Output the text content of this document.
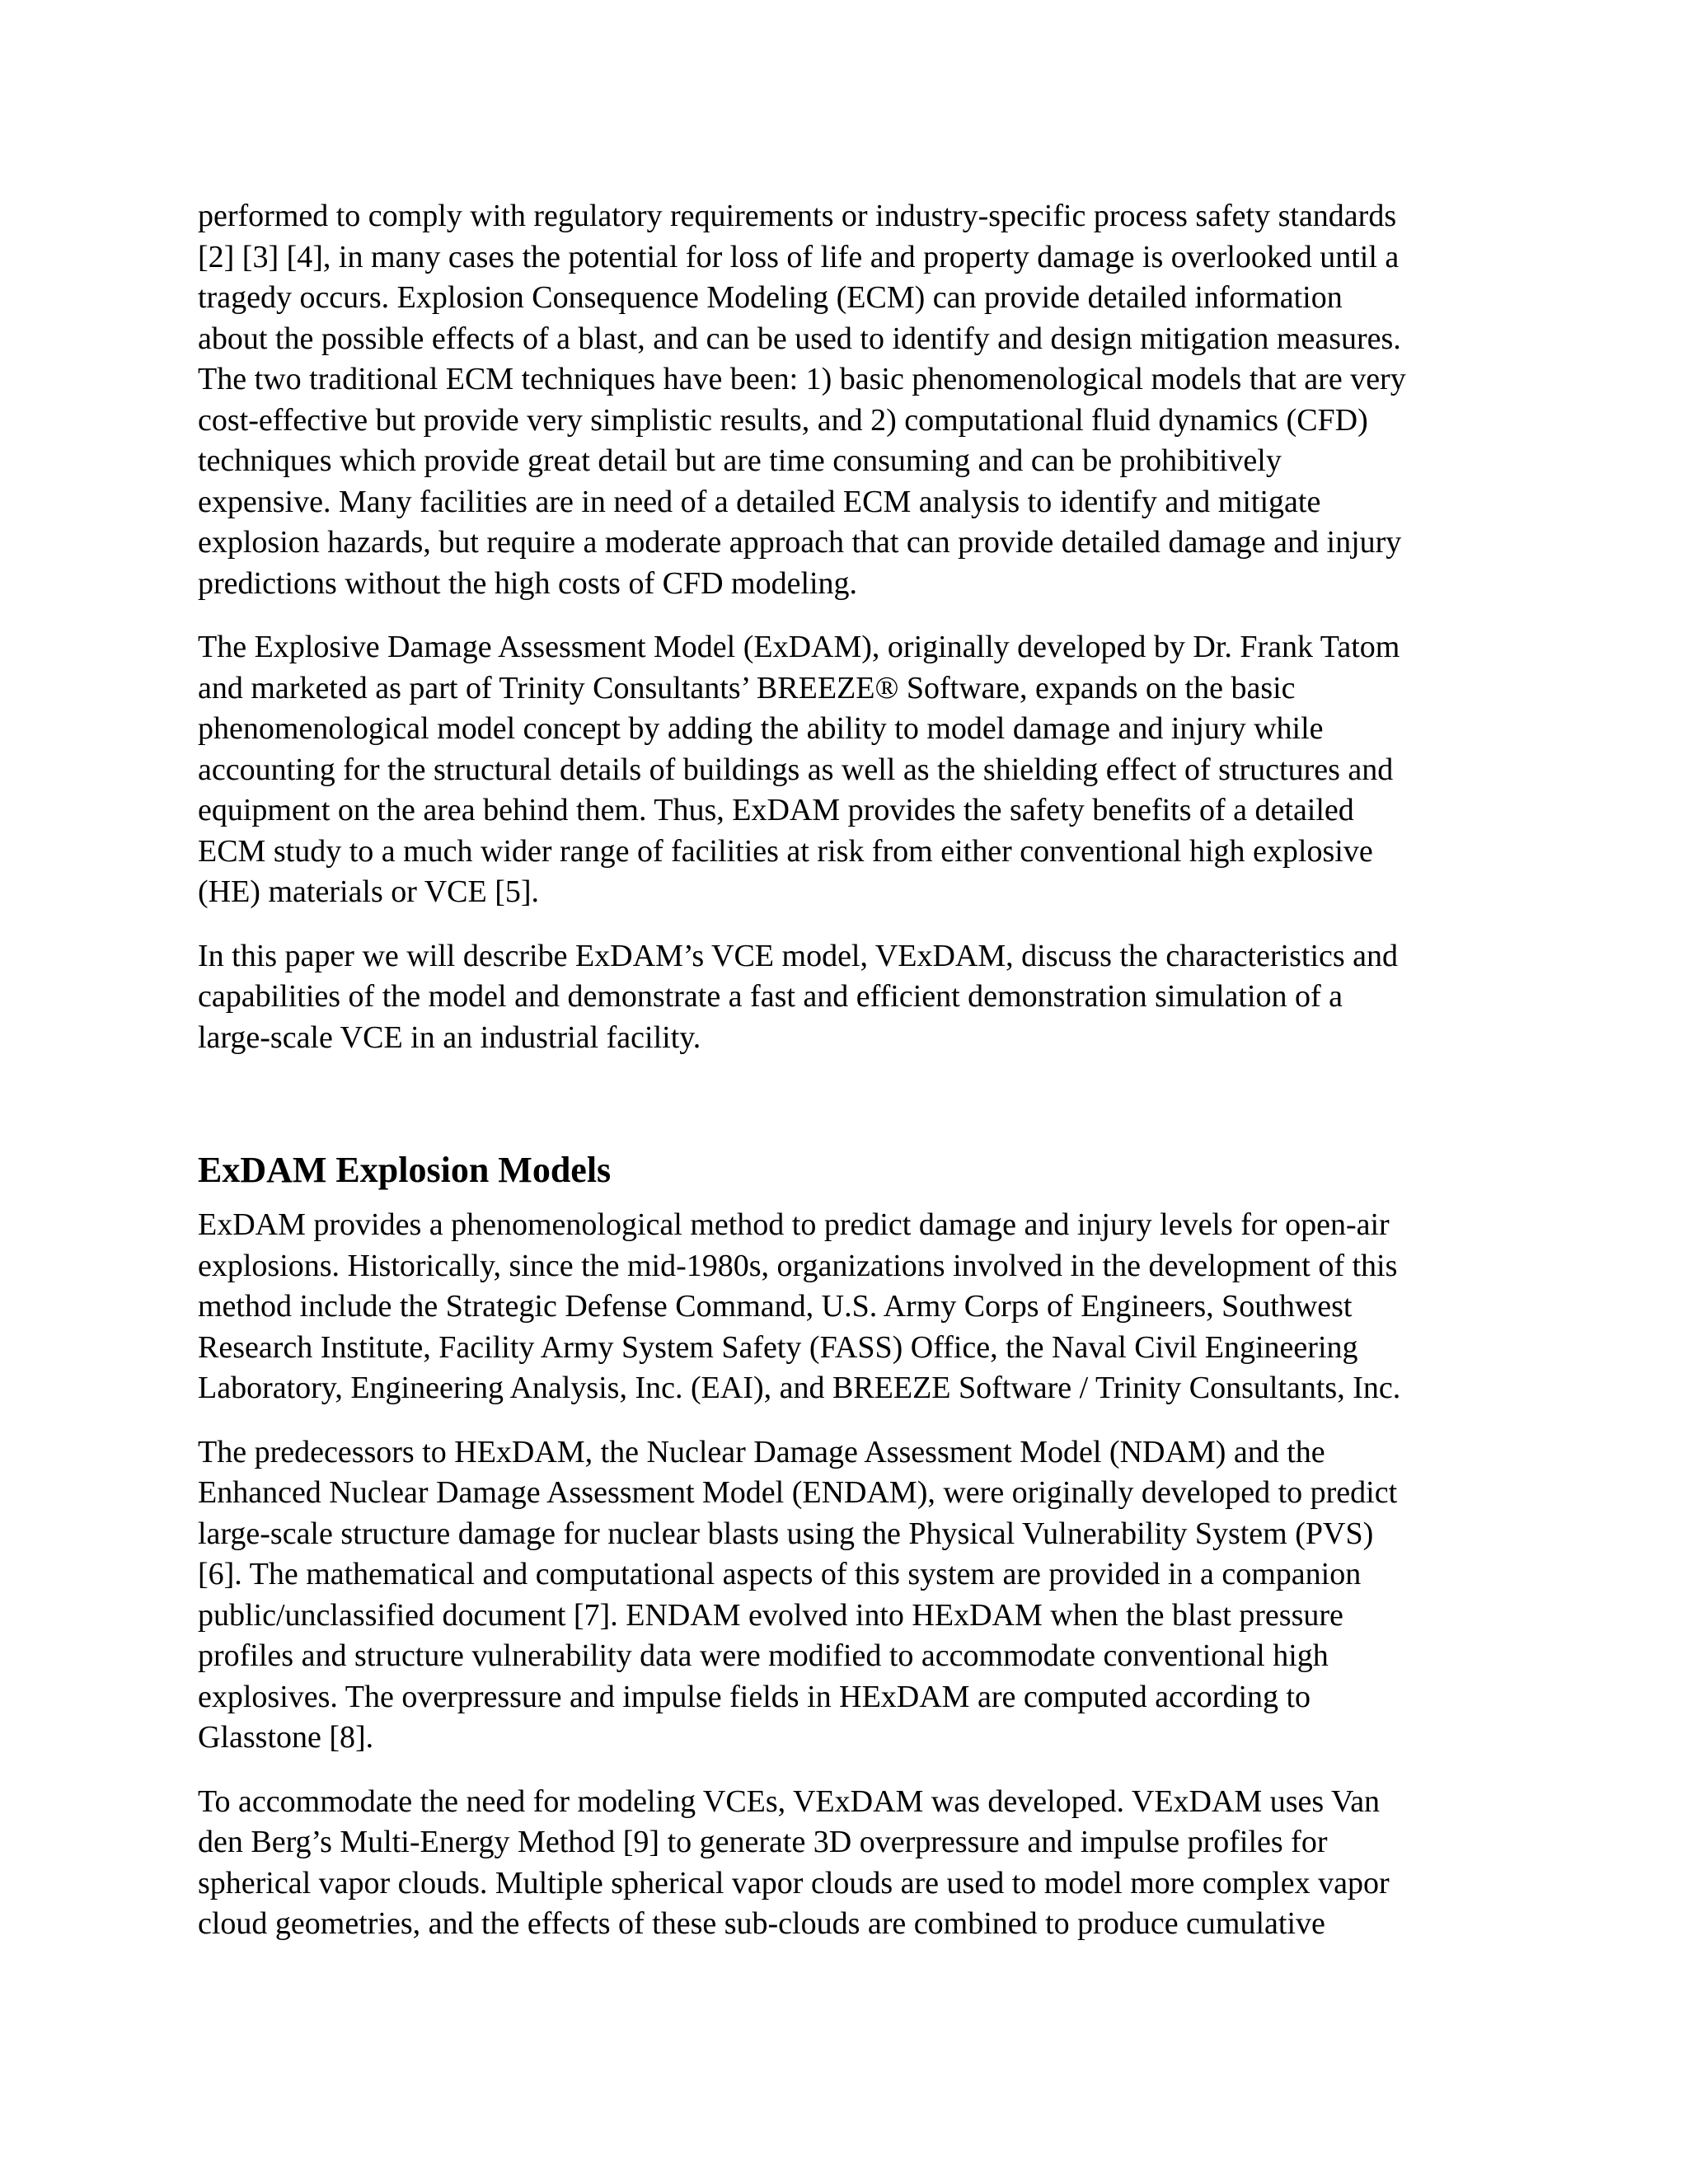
performed to comply with regulatory requirements or industry-specific process safety standards
[2] [3] [4], in many cases the potential for loss of life and property damage is overlooked until a
tragedy occurs. Explosion Consequence Modeling (ECM) can provide detailed information
about the possible effects of a blast, and can be used to identify and design mitigation measures.
The two traditional ECM techniques have been: 1) basic phenomenological models that are very
cost-effective but provide very simplistic results, and 2) computational fluid dynamics (CFD)
techniques which provide great detail but are time consuming and can be prohibitively
expensive. Many facilities are in need of a detailed ECM analysis to identify and mitigate
explosion hazards, but require a moderate approach that can provide detailed damage and injury
predictions without the high costs of CFD modeling.
The Explosive Damage Assessment Model (ExDAM), originally developed by Dr. Frank Tatom
and marketed as part of Trinity Consultants’ BREEZE® Software, expands on the basic
phenomenological model concept by adding the ability to model damage and injury while
accounting for the structural details of buildings as well as the shielding effect of structures and
equipment on the area behind them. Thus, ExDAM provides the safety benefits of a detailed
ECM study to a much wider range of facilities at risk from either conventional high explosive
(HE) materials or VCE [5].
In this paper we will describe ExDAM’s VCE model, VExDAM, discuss the characteristics and
capabilities of the model and demonstrate a fast and efficient demonstration simulation of a
large-scale VCE in an industrial facility.
ExDAM Explosion Models
ExDAM provides a phenomenological method to predict damage and injury levels for open-air
explosions. Historically, since the mid-1980s, organizations involved in the development of this
method include the Strategic Defense Command, U.S. Army Corps of Engineers, Southwest
Research Institute, Facility Army System Safety (FASS) Office, the Naval Civil Engineering
Laboratory, Engineering Analysis, Inc. (EAI), and BREEZE Software / Trinity Consultants, Inc.
The predecessors to HExDAM, the Nuclear Damage Assessment Model (NDAM) and the
Enhanced Nuclear Damage Assessment Model (ENDAM), were originally developed to predict
large-scale structure damage for nuclear blasts using the Physical Vulnerability System (PVS)
[6]. The mathematical and computational aspects of this system are provided in a companion
public/unclassified document [7]. ENDAM evolved into HExDAM when the blast pressure
profiles and structure vulnerability data were modified to accommodate conventional high
explosives. The overpressure and impulse fields in HExDAM are computed according to
Glasstone [8].
To accommodate the need for modeling VCEs, VExDAM was developed. VExDAM uses Van
den Berg’s Multi-Energy Method [9] to generate 3D overpressure and impulse profiles for
spherical vapor clouds. Multiple spherical vapor clouds are used to model more complex vapor
cloud geometries, and the effects of these sub-clouds are combined to produce cumulative
